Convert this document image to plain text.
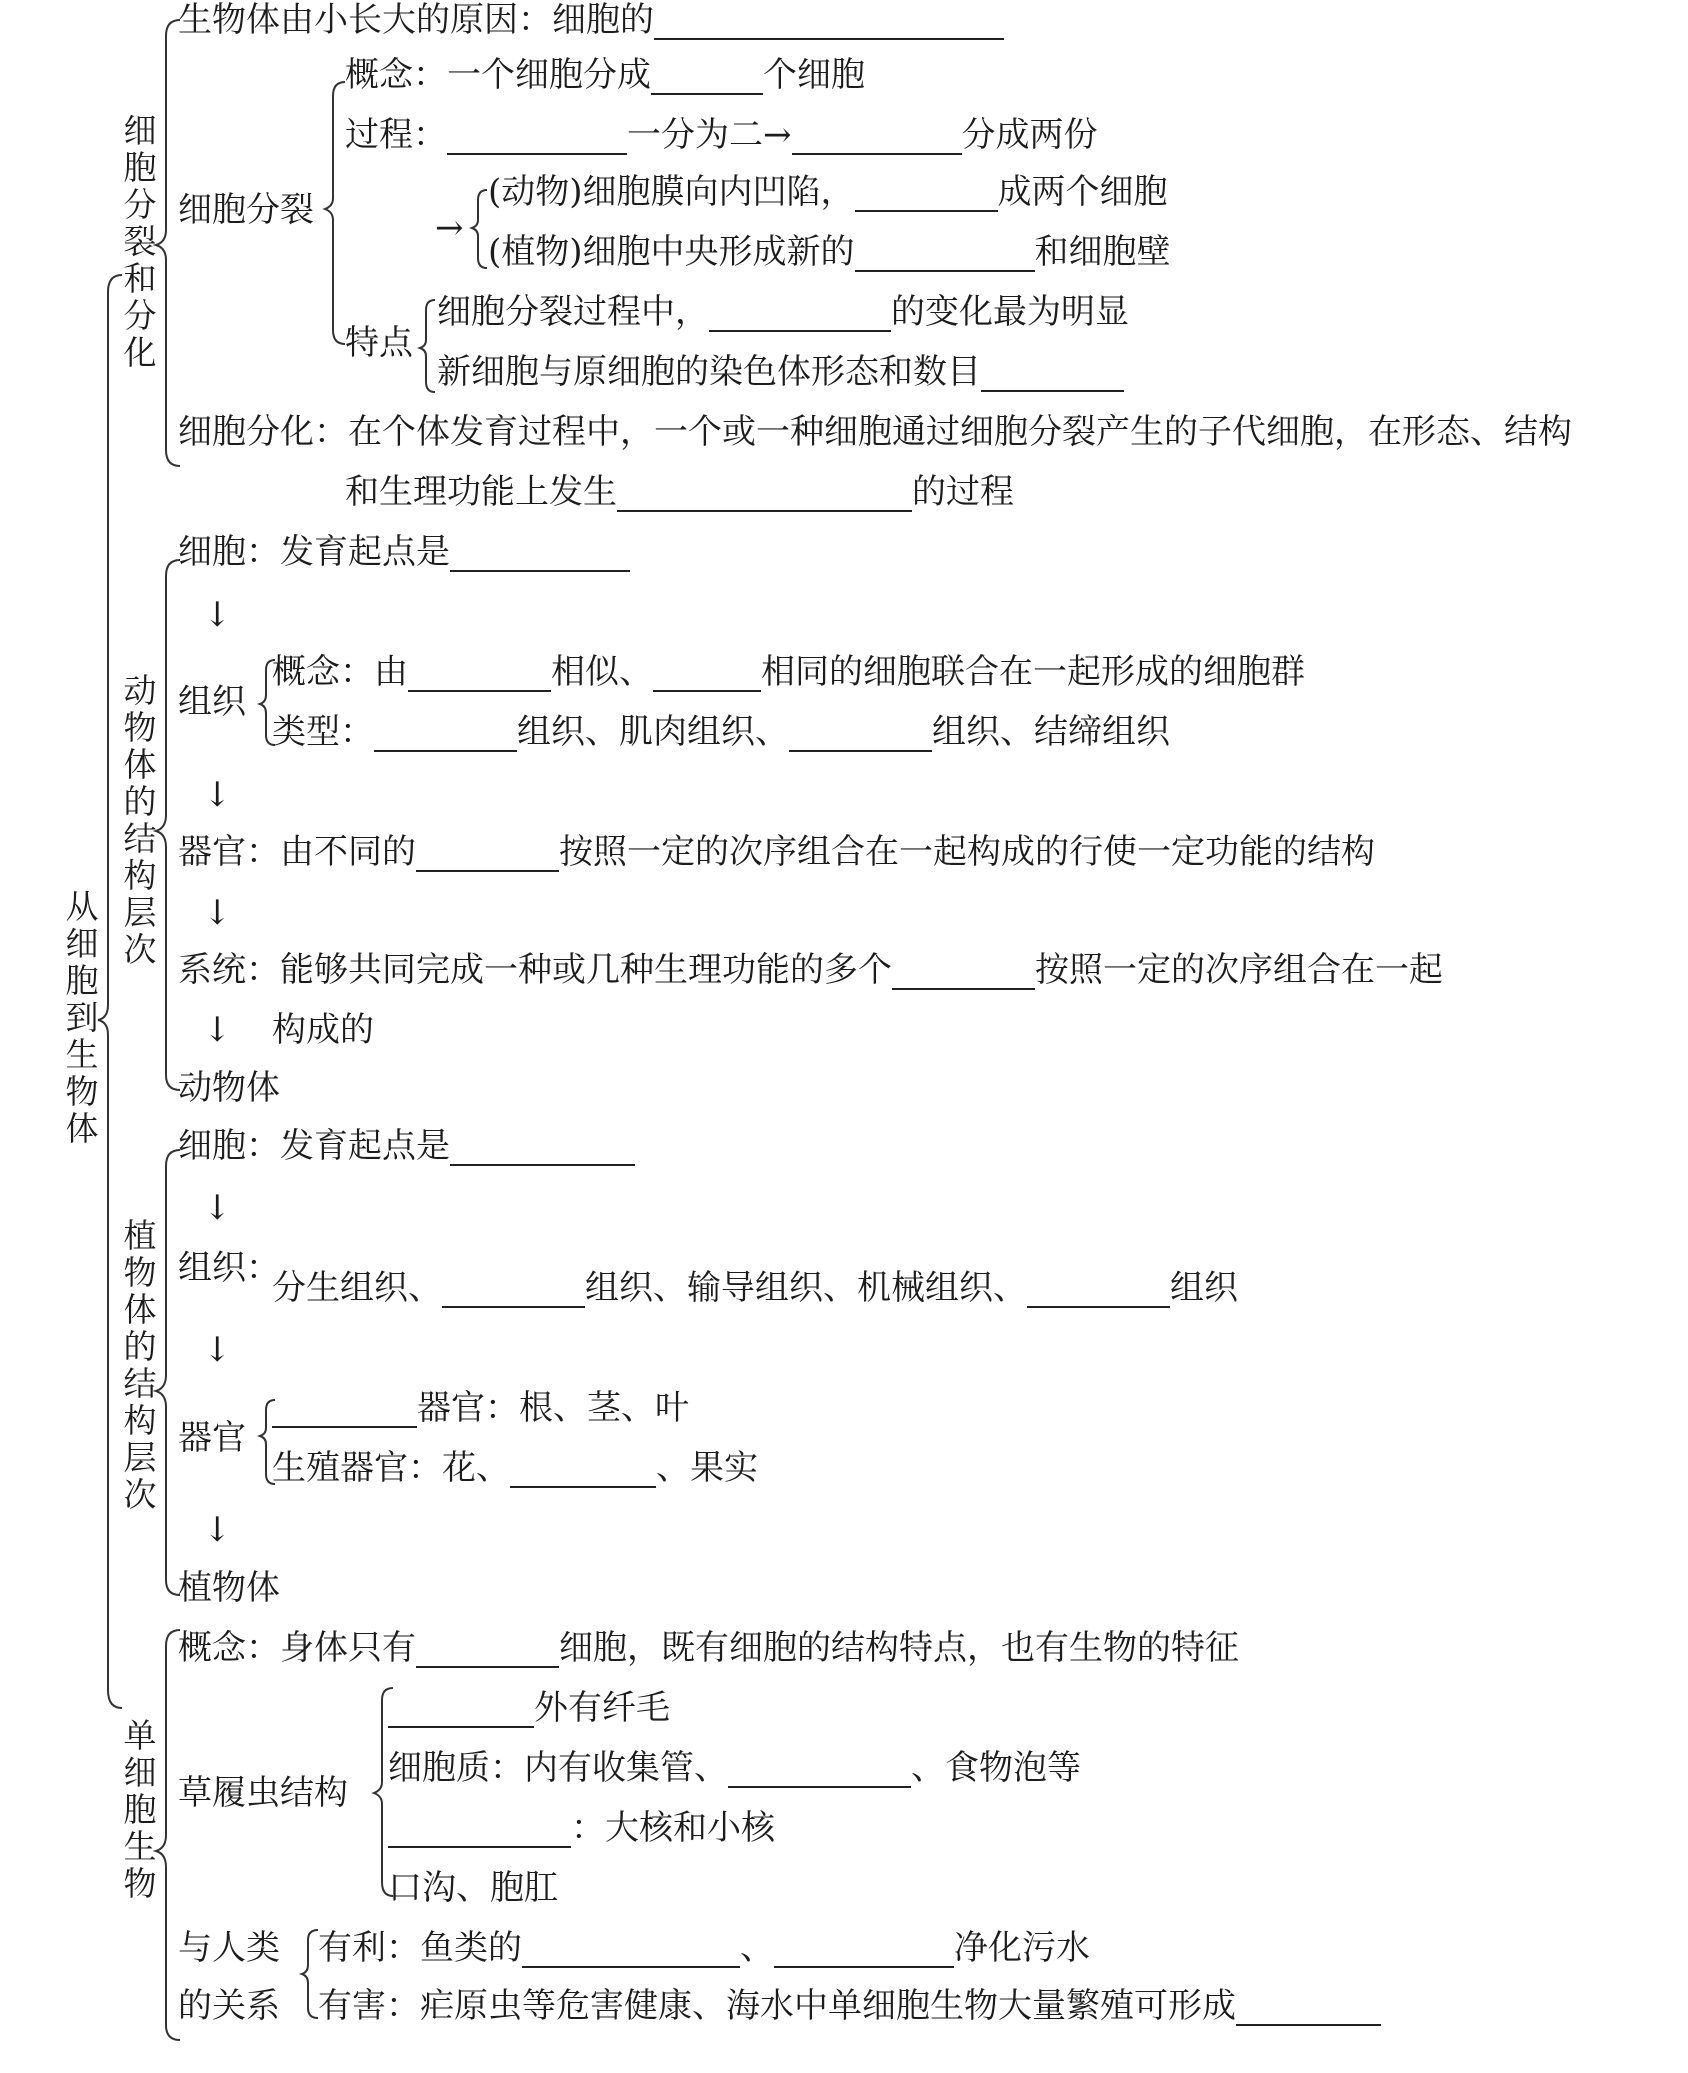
从细胞到生物体
细胞分裂和分化
动物体的结构层次
植物体的结构层次
单细胞生物
生物体由小长大的原因：细胞的
细胞分裂
概念：一个细胞分成	个细胞
过程：	一分为二→	分成两份
→
(动物)细胞膜向内凹陷，	成两个细胞
(植物)细胞中央形成新的	和细胞壁
特点
细胞分裂过程中，	的变化最为明显
新细胞与原细胞的染色体形态和数目
细胞分化：在个体发育过程中，一个或一种细胞通过细胞分裂产生的子代细胞，在形态、结构
和生理功能上发生	的过程
细胞：发育起点是
↓
组织
概念：由	相似、	相同的细胞联合在一起形成的细胞群
类型：	组织、肌肉组织、	组织、结缔组织
↓
器官：由不同的	按照一定的次序组合在一起构成的行使一定功能的结构
↓
系统：能够共同完成一种或几种生理功能的多个	按照一定的次序组合在一起
↓ 构成的
动物体
细胞：发育起点是
↓
组织：
分生组织、	组织、输导组织、机械组织、	组织
↓
器官
器官：根、茎、叶
生殖器官：花、	、果实
↓
植物体
概念：身体只有	细胞，既有细胞的结构特点，也有生物的特征
草履虫结构
外有纤毛
细胞质：内有收集管、	、食物泡等
：大核和小核
口沟、胞肛
与人类
的关系
有利：鱼类的	、	净化污水
有害：疟原虫等危害健康、海水中单细胞生物大量繁殖可形成
